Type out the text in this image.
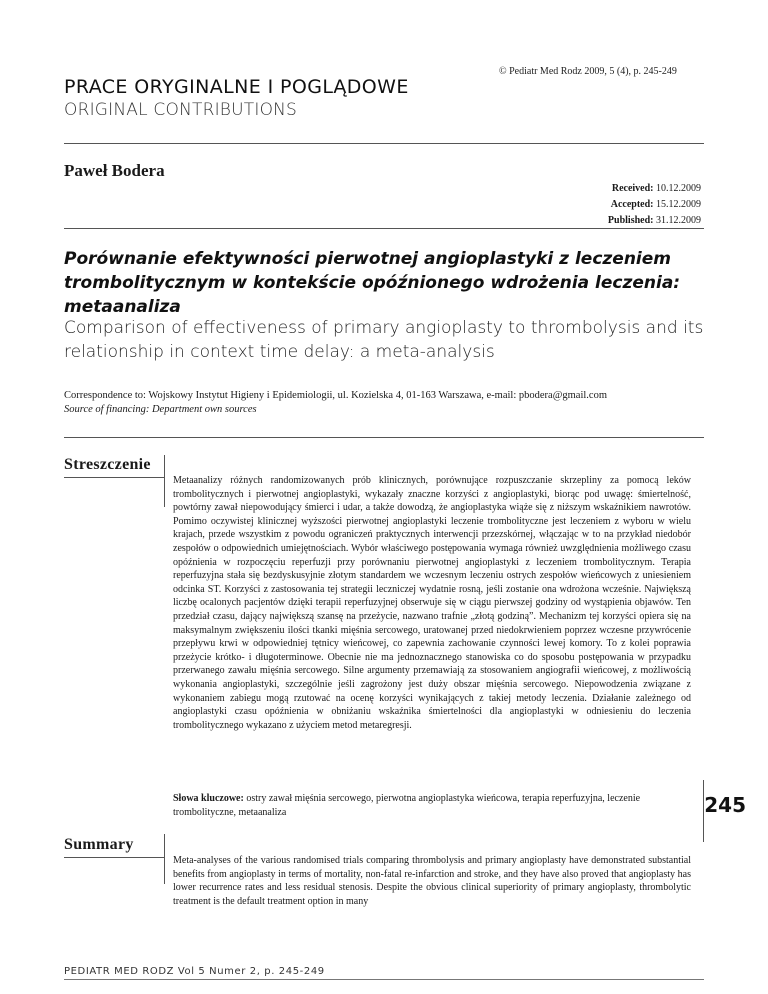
PRACE ORYGINALNE I POGLĄDOWE
ORIGINAL CONTRIBUTIONS
© Pediatr Med Rodz 2009, 5 (4), p. 245-249
Paweł Bodera
Received: 10.12.2009
Accepted: 15.12.2009
Published: 31.12.2009
Porównanie efektywności pierwotnej angioplastyki z leczeniem trombolitycznym w kontekście opóźnionego wdrożenia leczenia: metaanaliza
Comparison of effectiveness of primary angioplasty to thrombolysis and its relationship in context time delay: a meta-analysis
Correspondence to: Wojskowy Instytut Higieny i Epidemiologii, ul. Kozielska 4, 01-163 Warszawa, e-mail: pbodera@gmail.com
Source of financing: Department own sources
Streszczenie
Metaanalizy różnych randomizowanych prób klinicznych, porównujące rozpuszczanie skrzepliny za pomocą leków trombolitycznych i pierwotnej angioplastyki, wykazały znaczne korzyści z angioplastyki, biorąc pod uwagę: śmiertelność, powtórny zawał niepowodujący śmierci i udar, a także dowodzą, że angioplastyka wiąże się z niższym wskaźnikiem nawrotów. Pomimo oczywistej klinicznej wyższości pierwotnej angioplastyki leczenie trombolityczne jest leczeniem z wyboru w wielu krajach, przede wszystkim z powodu ograniczeń praktycznych interwencji przezskórnej, włączając w to na przykład niedobór zespołów o odpowiednich umiejętnościach. Wybór właściwego postępowania wymaga również uwzględnienia możliwego czasu opóźnienia w rozpoczęciu reperfuzji przy porównaniu pierwotnej angioplastyki z leczeniem trombolitycznym. Terapia reperfuzyjna stała się bezdyskusyjnie złotym standardem we wczesnym leczeniu ostrych zespołów wieńcowych z uniesieniem odcinka ST. Korzyści z zastosowania tej strategii leczniczej wydatnie rosną, jeśli zostanie ona wdrożona wcześnie. Największą liczbę ocalonych pacjentów dzięki terapii reperfuzyjnej obserwuje się w ciągu pierwszej godziny od wystąpienia objawów. Ten przedział czasu, dający największą szansę na przeżycie, nazwano trafnie „złotą godziną”. Mechanizm tej korzyści opiera się na maksymalnym zwiększeniu ilości tkanki mięśnia sercowego, uratowanej przed niedokrwieniem poprzez wczesne przywrócenie przepływu krwi w odpowiedniej tętnicy wieńcowej, co zapewnia zachowanie czynności lewej komory. To z kolei poprawia przeżycie krótko- i długoterminowe. Obecnie nie ma jednoznacznego stanowiska co do sposobu postępowania w przypadku przerwanego zawału mięśnia sercowego. Silne argumenty przemawiają za stosowaniem angiografii wieńcowej, z możliwością wykonania angioplastyki, szczególnie jeśli zagrożony jest duży obszar mięśnia sercowego. Niepowodzenia związane z wykonaniem zabiegu mogą rzutować na ocenę korzyści wynikających z takiej metody leczenia. Działanie zależnego od angioplastyki czasu opóźnienia w obniżaniu wskaźnika śmiertelności dla angioplastyki w odniesieniu do leczenia trombolitycznego wykazano z użyciem metod metaregresji.
Słowa kluczowe: ostry zawał mięśnia sercowego, pierwotna angioplastyka wieńcowa, terapia reperfuzyjna, leczenie trombolityczne, metaanaliza
Summary
Meta-analyses of the various randomised trials comparing thrombolysis and primary angioplasty have demonstrated substantial benefits from angioplasty in terms of mortality, non-fatal re-infarction and stroke, and they have also proved that angioplasty has lower recurrence rates and less residual stenosis. Despite the obvious clinical superiority of primary angioplasty, thrombolytic treatment is the default treatment option in many
245
PEDIATR MED RODZ Vol 5 Numer 2, p. 245-249
